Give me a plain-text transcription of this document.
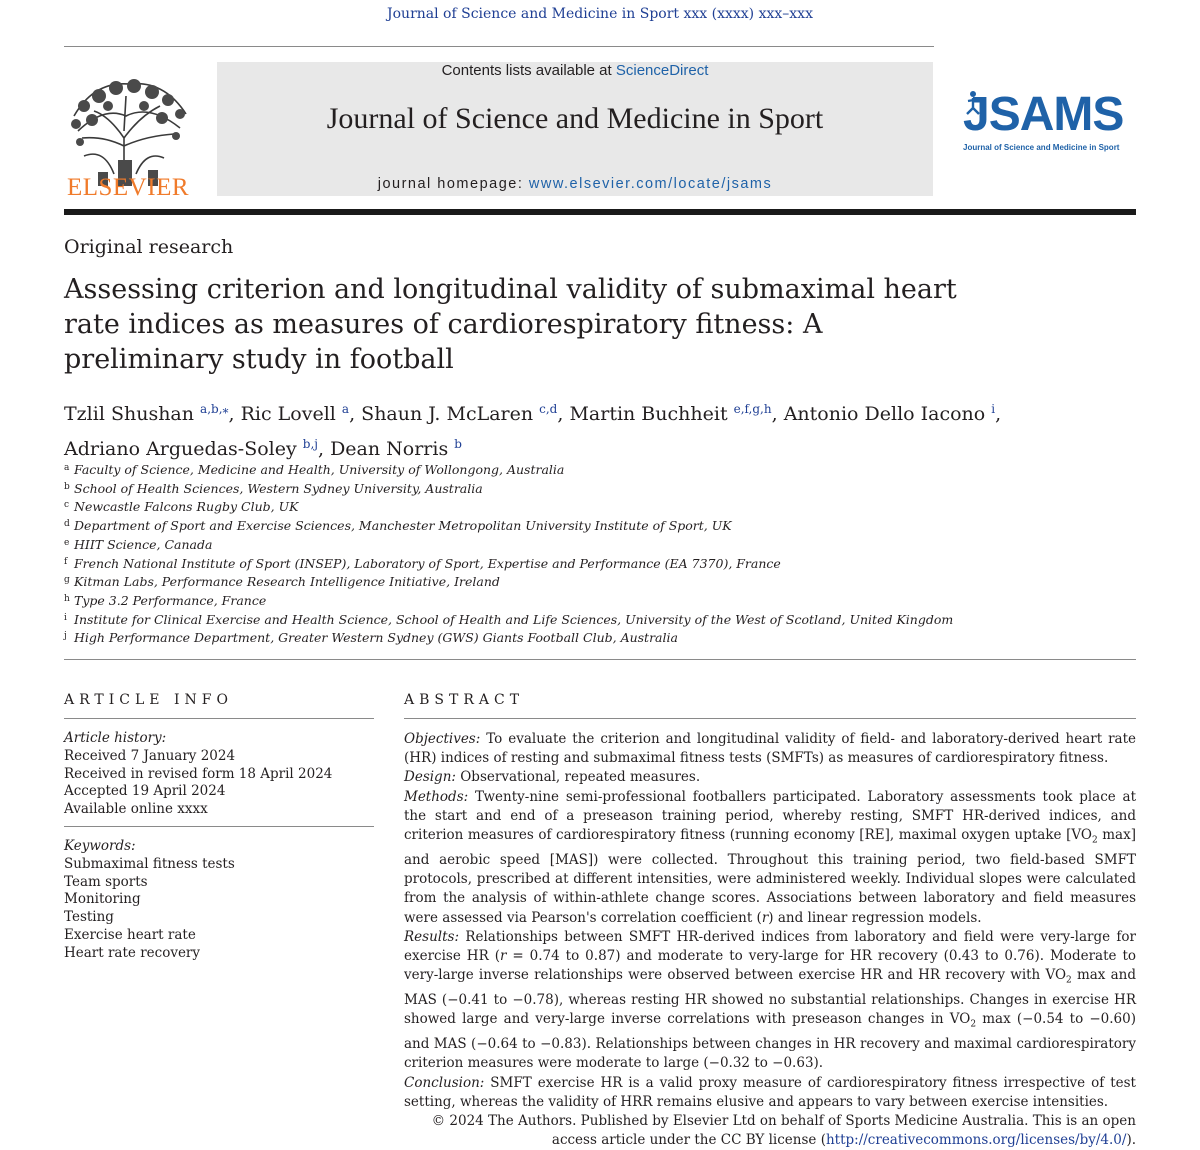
Journal of Science and Medicine in Sport xxx (xxxx) xxx–xxx
ELSEVIER
Contents lists available at ScienceDirect
Journal of Science and Medicine in Sport
journal homepage: www.elsevier.com/locate/jsams
JSAMS
Journal of Science and Medicine in Sport
Original research
Assessing criterion and longitudinal validity of submaximal heart rate indices as measures of cardiorespiratory fitness: A preliminary study in football
Tzlil Shushan $^{a,b,⁎}$, Ric Lovell $^a$, Shaun J. McLaren $^{c,d}$, Martin Buchheit $^{e,f,g,h}$, Antonio Dello Iacono $^i$,
Adriano Arguedas-Soley $^{b,j}$, Dean Norris $^b$
a Faculty of Science, Medicine and Health, University of Wollongong, Australia
b School of Health Sciences, Western Sydney University, Australia
c Newcastle Falcons Rugby Club, UK
d Department of Sport and Exercise Sciences, Manchester Metropolitan University Institute of Sport, UK
e HIIT Science, Canada
f French National Institute of Sport (INSEP), Laboratory of Sport, Expertise and Performance (EA 7370), France
g Kitman Labs, Performance Research Intelligence Initiative, Ireland
h Type 3.2 Performance, France
i Institute for Clinical Exercise and Health Science, School of Health and Life Sciences, University of the West of Scotland, United Kingdom
j High Performance Department, Greater Western Sydney (GWS) Giants Football Club, Australia
ARTICLE INFO	ABSTRACT
Article history:
Received 7 January 2024
Received in revised form 18 April 2024
Accepted 19 April 2024
Available online xxxx
Keywords:
Submaximal fitness tests
Team sports
Monitoring
Testing
Exercise heart rate
Heart rate recovery

Objectives: To evaluate the criterion and longitudinal validity of field- and laboratory-derived heart rate (HR) indices of resting and submaximal fitness tests (SMFTs) as measures of cardiorespiratory fitness.

Design: Observational, repeated measures.

Methods: Twenty-nine semi-professional footballers participated. Laboratory assessments took place at the start and end of a preseason training period, whereby resting, SMFT HR-derived indices, and criterion measures of cardiorespiratory fitness (running economy [RE], maximal oxygen uptake [$VO_2$ max] and aerobic speed [MAS]) were collected. Throughout this training period, two field-based SMFT protocols, prescribed at different intensities, were administered weekly. Individual slopes were calculated from the analysis of within-athlete change scores. Associations between laboratory and field measures were assessed via Pearson's correlation coefficient (r) and linear regression models.

Results: Relationships between SMFT HR-derived indices from laboratory and field were very-large for exercise HR (r = 0.74 to 0.87) and moderate to very-large for HR recovery (0.43 to 0.76). Moderate to very-large inverse relationships were observed between exercise HR and HR recovery with $VO_2$ max and MAS (−0.41 to −0.78), whereas resting HR showed no substantial relationships. Changes in exercise HR showed large and very-large inverse correlations with preseason changes in $VO_2$ max (−0.54 to −0.60) and MAS (−0.64 to −0.83). Relationships between changes in HR recovery and maximal cardiorespiratory criterion measures were moderate to large (−0.32 to −0.63).

Conclusion: SMFT exercise HR is a valid proxy measure of cardiorespiratory fitness irrespective of test setting, whereas the validity of HRR remains elusive and appears to vary between exercise intensities.

© 2024 The Authors. Published by Elsevier Ltd on behalf of Sports Medicine Australia. This is an open access article under the CC BY license (http://creativecommons.org/licenses/by/4.0/).
